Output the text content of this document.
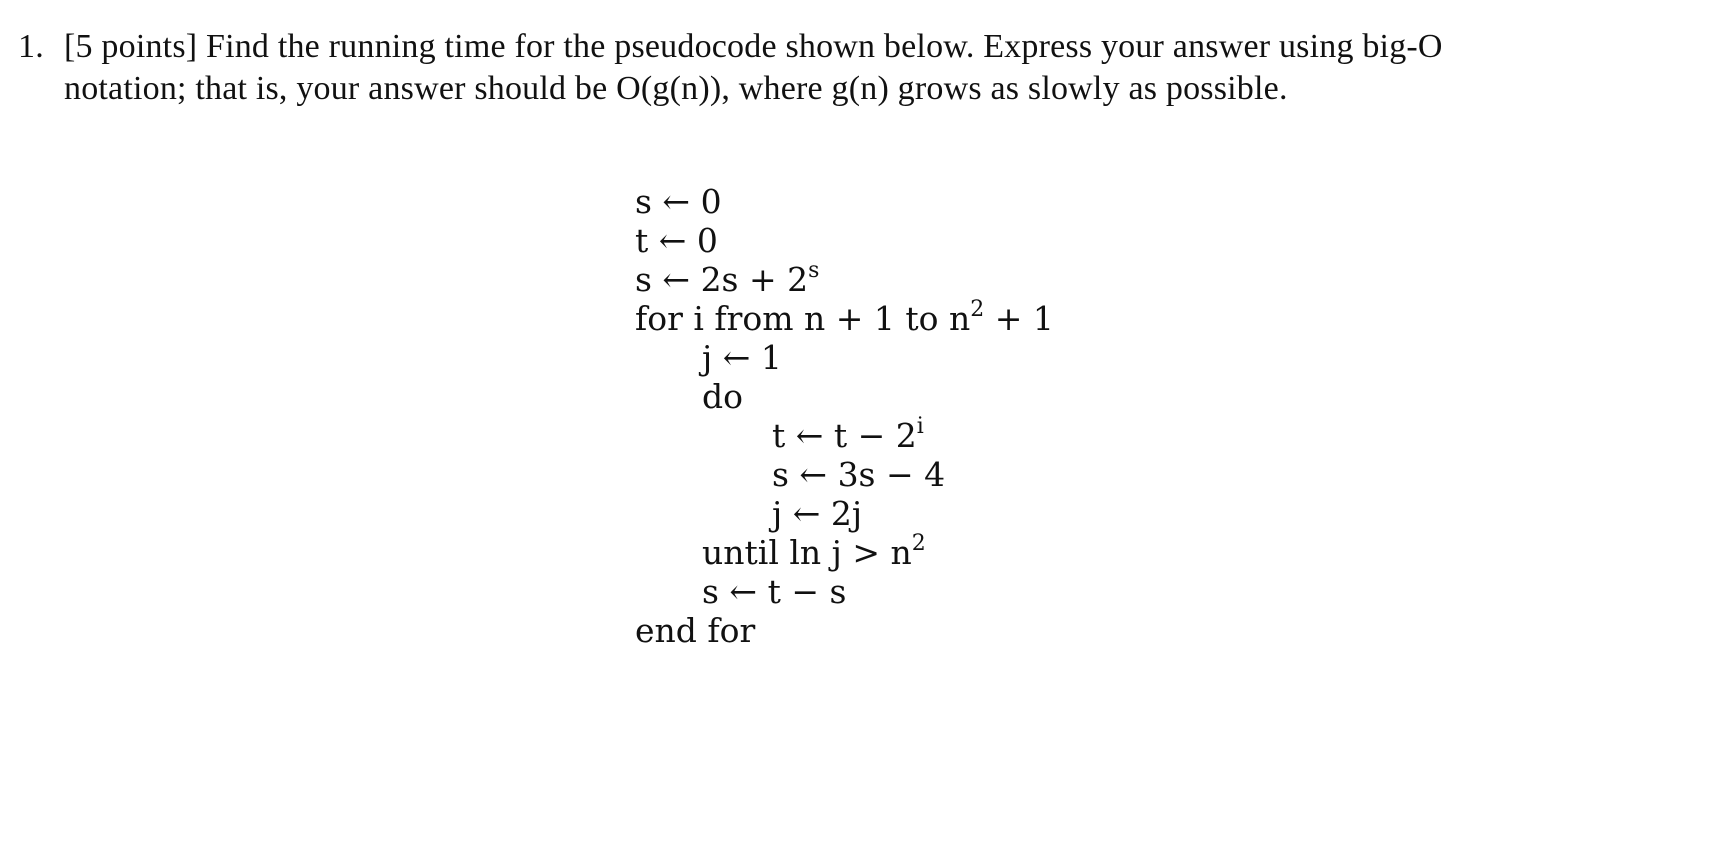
1. [5 points] Find the running time for the pseudocode shown below. Express your answer using big-O
notation; that is, your answer should be O(g(n)), where g(n) grows as slowly as possible.
s ← 0
t ← 0
s ← $2s + 2^s$
for i from n + 1 to $n^2 + 1$
j ← 1
do
t ← $t - 2^i$
s ← 3s − 4
j ← 2j
until $\ln j > n^2$
s ← t − s
end for
